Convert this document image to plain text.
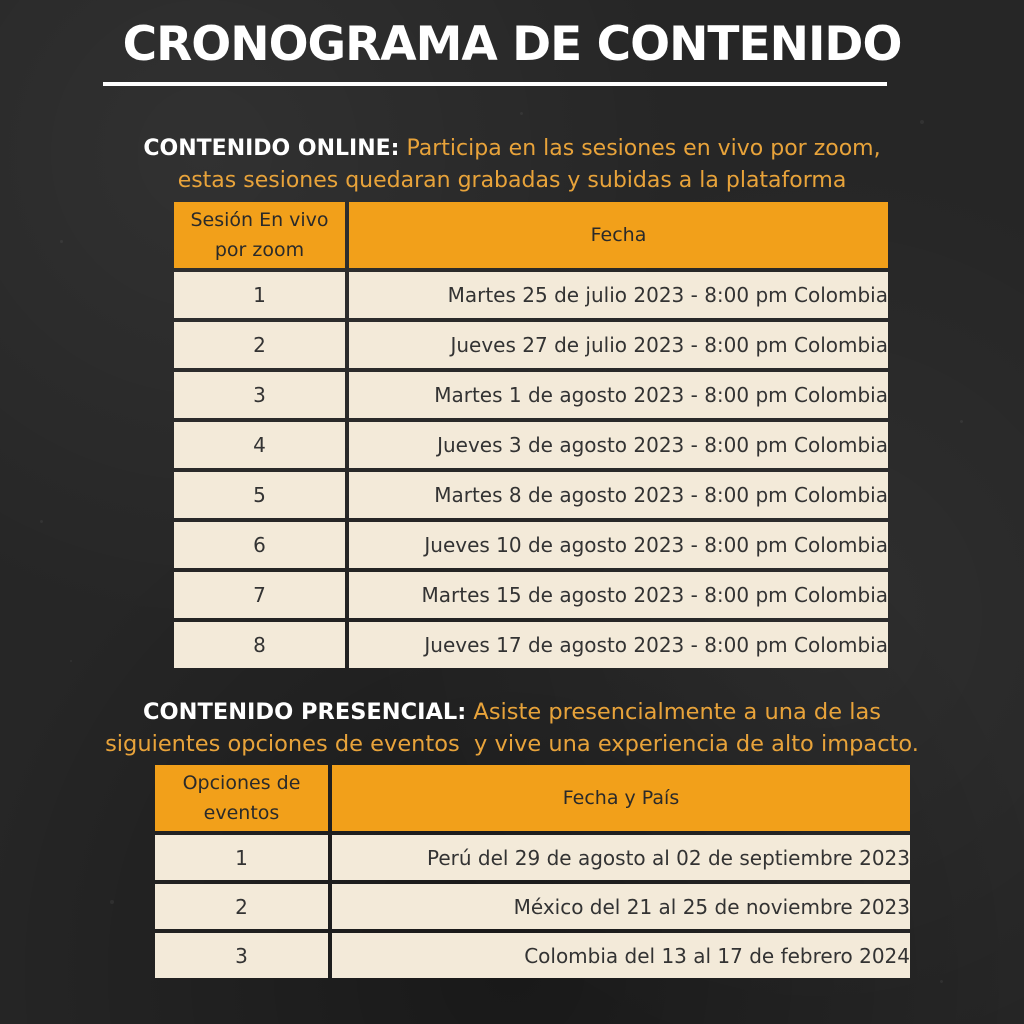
CRONOGRAMA DE CONTENIDO
CONTENIDO ONLINE: Participa en las sesiones en vivo por zoom,
estas sesiones quedaran grabadas y subidas a la plataforma
Sesión En vivo por zoom	Fecha
1	Martes 25 de julio 2023 - 8:00 pm Colombia
2	Jueves 27 de julio 2023 - 8:00 pm Colombia
3	Martes 1 de agosto 2023 - 8:00 pm Colombia
4	Jueves 3 de agosto 2023 - 8:00 pm Colombia
5	Martes 8 de agosto 2023 - 8:00 pm Colombia
6	Jueves 10 de agosto 2023 - 8:00 pm Colombia
7	Martes 15 de agosto 2023 - 8:00 pm Colombia
8	Jueves 17 de agosto 2023 - 8:00 pm Colombia
CONTENIDO PRESENCIAL: Asiste presencialmente a una de las
siguientes opciones de eventos  y vive una experiencia de alto impacto.
Opciones de eventos	Fecha y País
1	Perú del 29 de agosto al 02 de septiembre 2023
2	México del 21 al 25 de noviembre 2023
3	Colombia del 13 al 17 de febrero 2024
